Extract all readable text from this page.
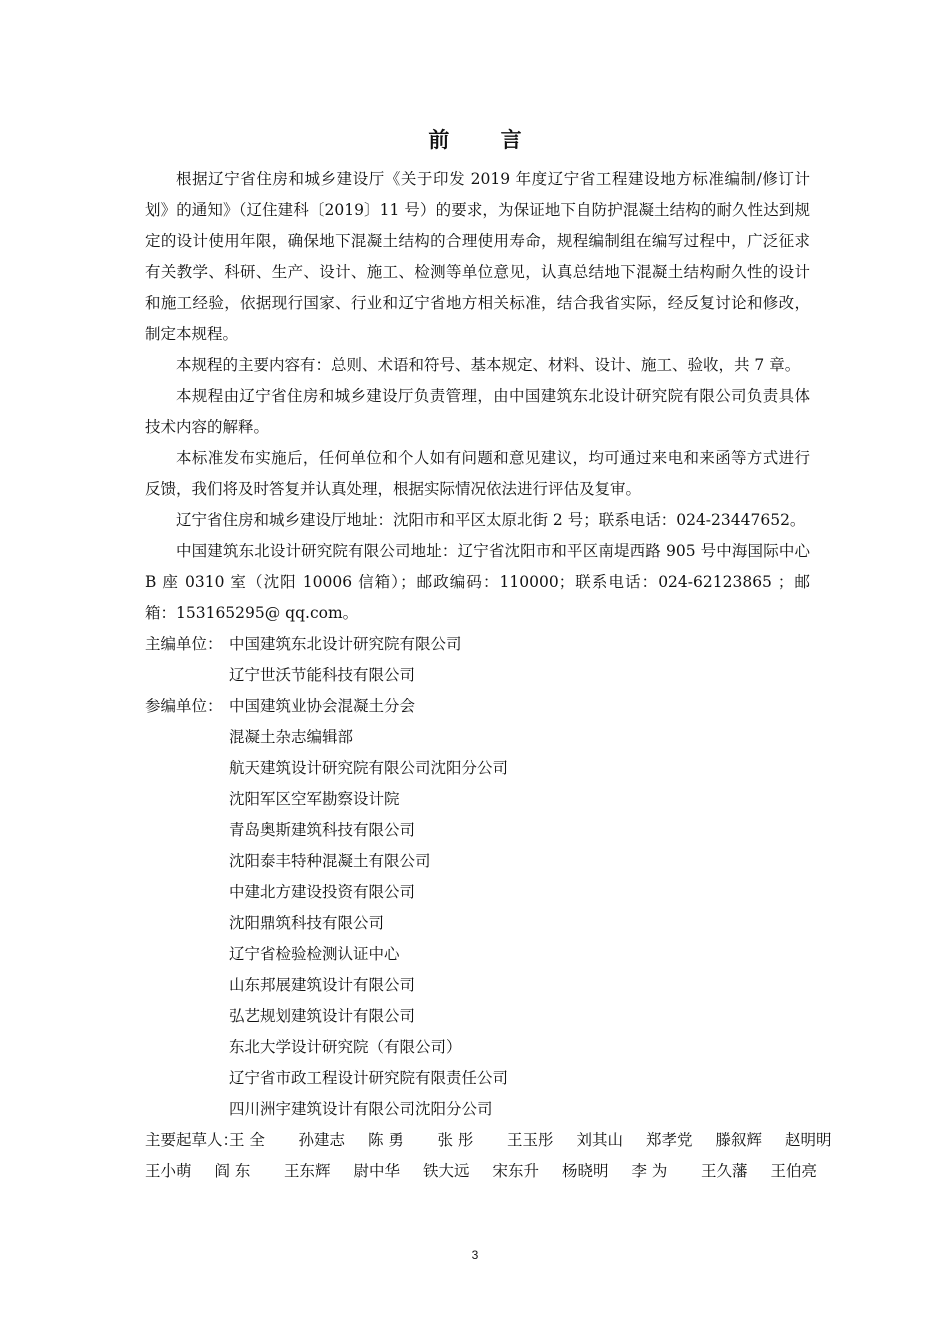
前 言

根据辽宁省住房和城乡建设厅《关于印发 2019 年度辽宁省工程建设地方标准编制/修订计划》的通知》（辽住建科〔2019〕11 号）的要求，为保证地下自防护混凝土结构的耐久性达到规定的设计使用年限，确保地下混凝土结构的合理使用寿命，规程编制组在编写过程中，广泛征求有关教学、科研、生产、设计、施工、检测等单位意见，认真总结地下混凝土结构耐久性的设计和施工经验，依据现行国家、行业和辽宁省地方相关标准，结合我省实际，经反复讨论和修改，制定本规程。

本规程的主要内容有：总则、术语和符号、基本规定、材料、设计、施工、验收，共 7 章。

本规程由辽宁省住房和城乡建设厅负责管理，由中国建筑东北设计研究院有限公司负责具体技术内容的解释。

本标准发布实施后，任何单位和个人如有问题和意见建议，均可通过来电和来函等方式进行反馈，我们将及时答复并认真处理，根据实际情况依法进行评估及复审。

辽宁省住房和城乡建设厅地址：沈阳市和平区太原北街 2 号；联系电话：024-23447652。

中国建筑东北设计研究院有限公司地址：辽宁省沈阳市和平区南堤西路 905 号中海国际中心 B 座 0310 室（沈阳 10006 信箱）；邮政编码：110000；联系电话：024-62123865 ；邮箱：153165295@ qq.com。

主编单位： 中国建筑东北设计研究院有限公司
辽宁世沃节能科技有限公司
参编单位： 中国建筑业协会混凝土分会
混凝土杂志编辑部
航天建筑设计研究院有限公司沈阳分公司
沈阳军区空军勘察设计院
青岛奥斯建筑科技有限公司
沈阳泰丰特种混凝土有限公司
中建北方建设投资有限公司
沈阳鼎筑科技有限公司
辽宁省检验检测认证中心
山东邦展建筑设计有限公司
弘艺规划建筑设计有限公司
东北大学设计研究院（有限公司）
辽宁省市政工程设计研究院有限责任公司
四川洲宇建筑设计有限公司沈阳分公司
主要起草人：
王 全	孙建志	陈 勇	张 彤	王玉彤	刘其山	郑孝党	滕叙辉	赵明明
王小萌	阎 东	王东辉	尉中华	铁大远	宋东升	杨晓明	李 为	王久藩	王伯亮
3
